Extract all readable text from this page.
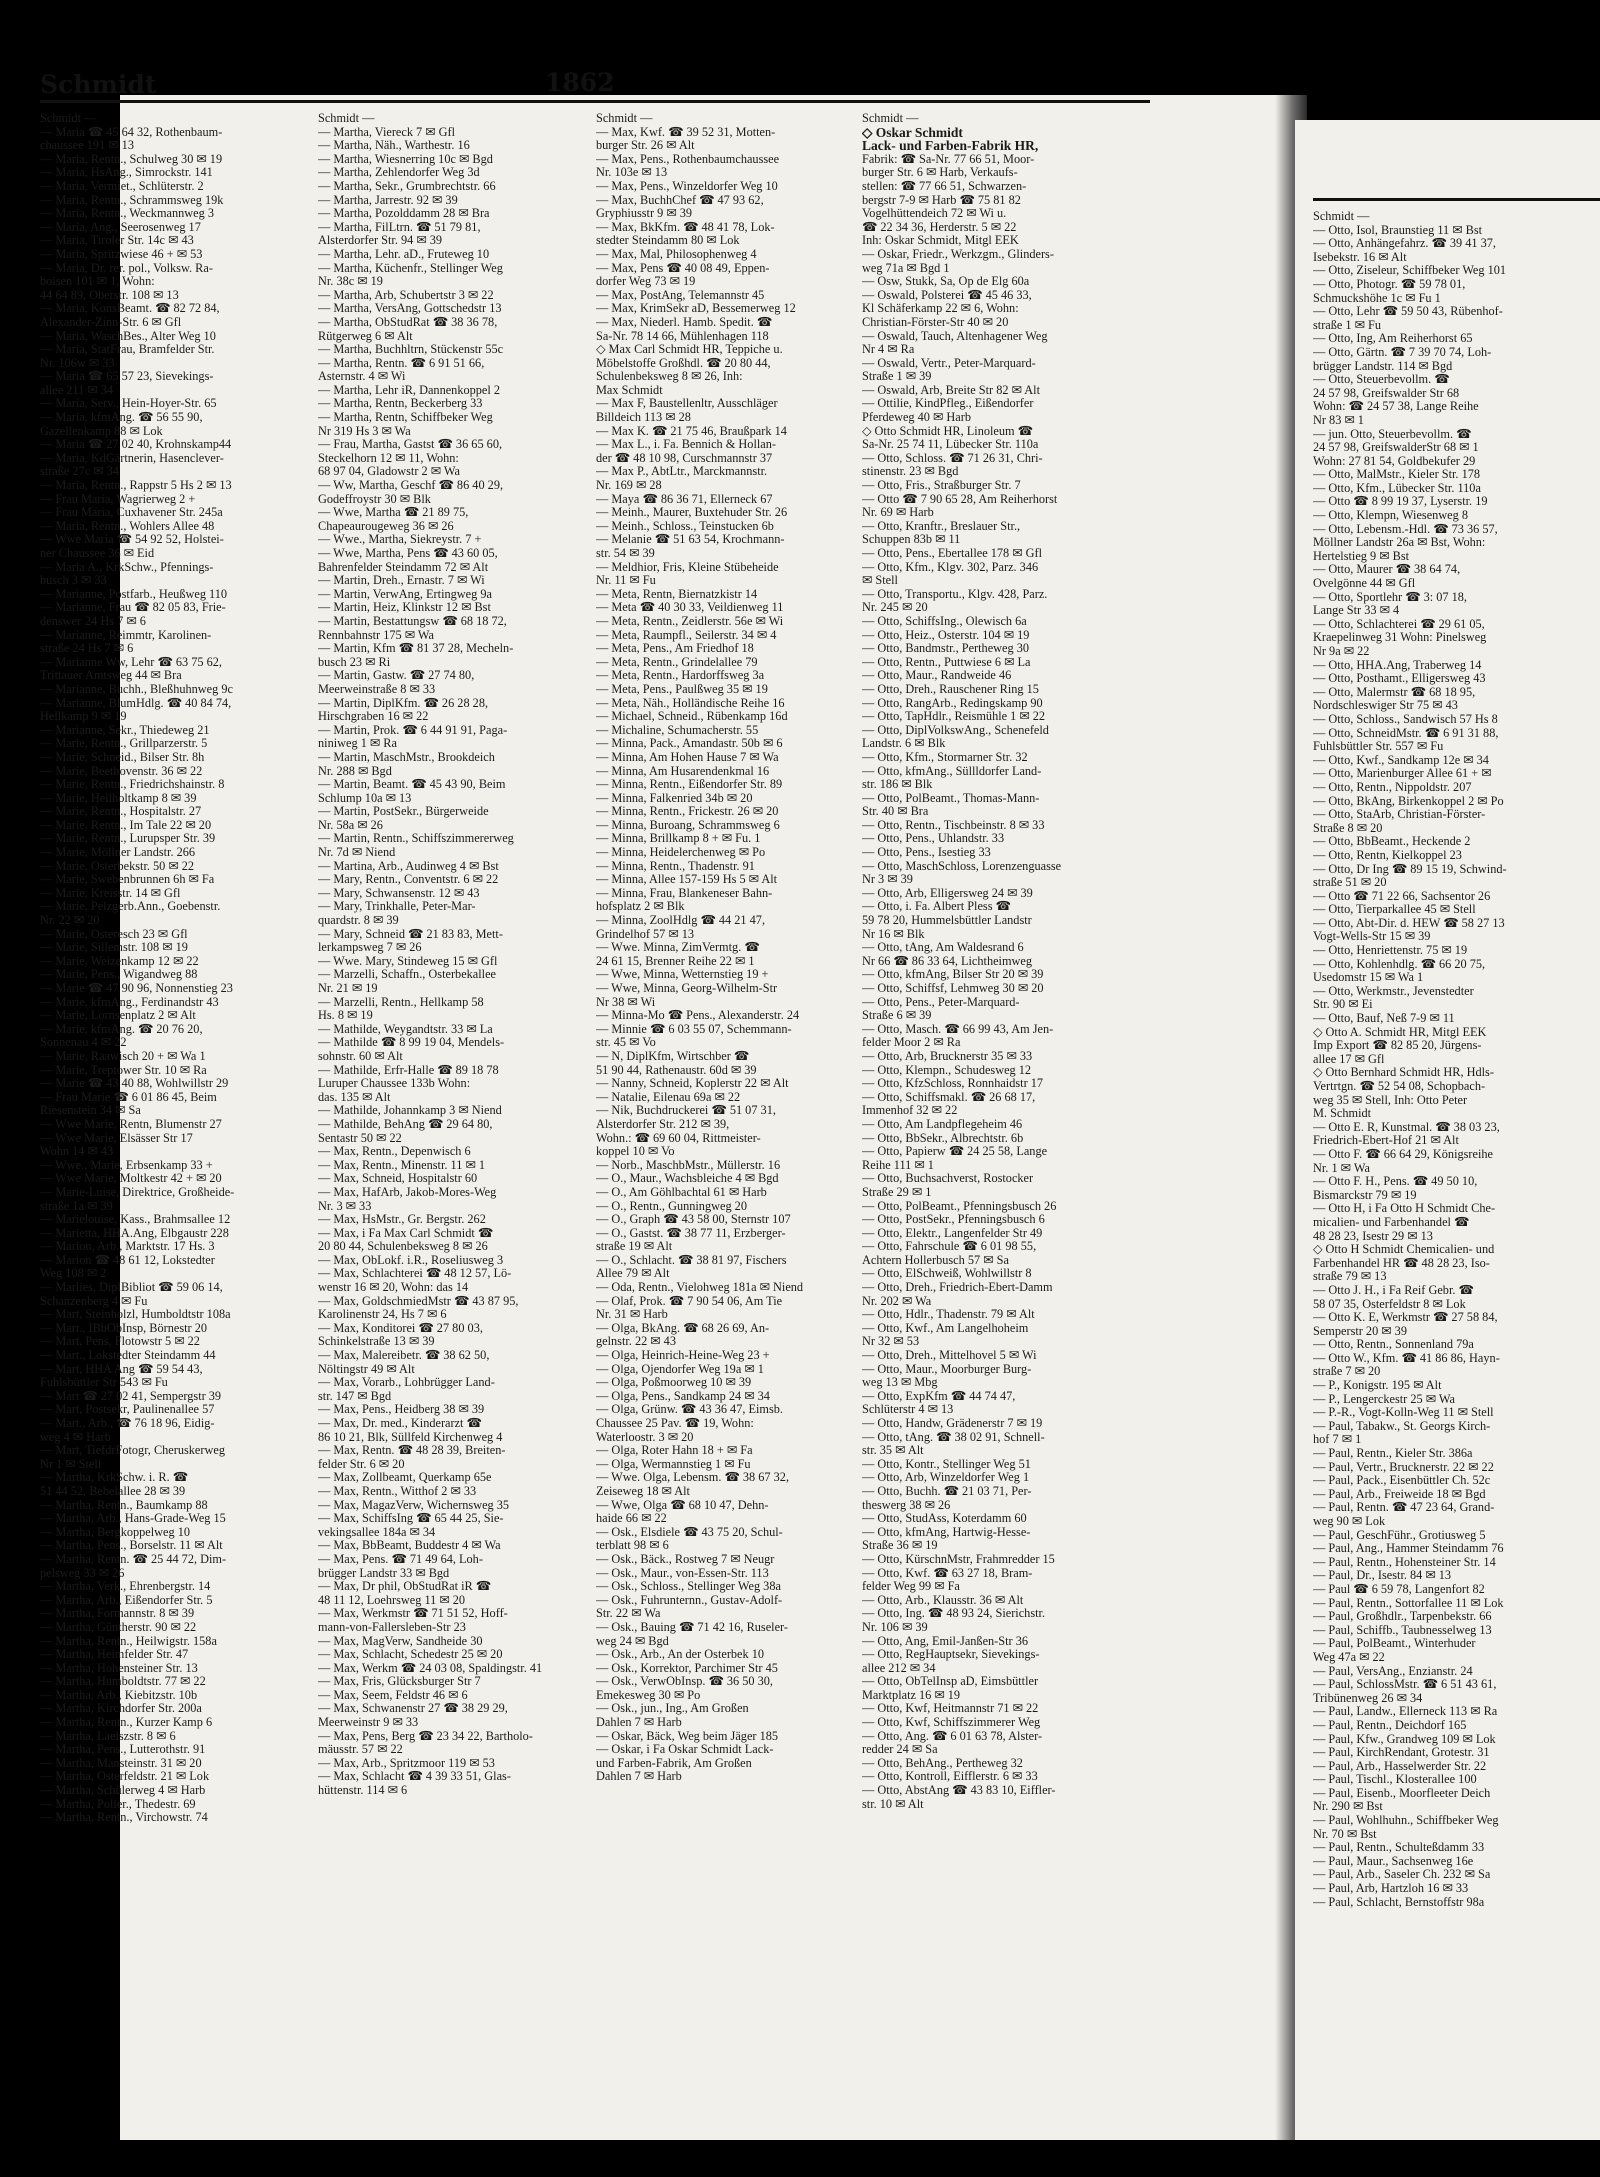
Schmidt —
— Otto, Isol, Braunstieg 11 ✉ Bst
— Otto, Anhängefahrz. ☎ 39 41 37,
Isebekstr. 16 ✉ Alt
— Otto, Ziseleur, Schiffbeker Weg 101
— Otto, Photogr. ☎ 59 78 01,
Schmuckshöhe 1c ✉ Fu 1
— Otto, Lehr ☎ 59 50 43, Rübenhof-
straße 1 ✉ Fu
— Otto, Ing, Am Reiherhorst 65
— Otto, Gärtn. ☎ 7 39 70 74, Loh-
brügger Landstr. 114 ✉ Bgd
— Otto, Steuerbevollm. ☎
24 57 98, Greifswalder Str 68
Wohn: ☎ 24 57 38, Lange Reihe
Nr 83 ✉ 1
— jun. Otto, Steuerbevollm. ☎
24 57 98, GreifswalderStr 68 ✉ 1
Wohn: 27 81 54, Goldbekufer 29
— Otto, MalMstr., Kieler Str. 178
— Otto, Kfm., Lübecker Str. 110a
— Otto ☎ 8 99 19 37, Lyserstr. 19
— Otto, Klempn, Wiesenweg 8
— Otto, Lebensm.-Hdl. ☎ 73 36 57,
Möllner Landstr 26a ✉ Bst, Wohn:
Hertelstieg 9 ✉ Bst
— Otto, Maurer ☎ 38 64 74,
Ovelgönne 44 ✉ Gfl
— Otto, Sportlehr ☎ 3: 07 18,
Lange Str 33 ✉ 4
— Otto, Schlachterei ☎ 29 61 05,
Kraepelinweg 31 Wohn: Pinelsweg
Nr 9a ✉ 22
— Otto, HHA.Ang, Traberweg 14
— Otto, Posthamt., Elligersweg 43
— Otto, Malermstr ☎ 68 18 95,
Nordschleswiger Str 75 ✉ 43
— Otto, Schloss., Sandwisch 57 Hs 8
— Otto, SchneidMstr. ☎ 6 91 31 88,
Fuhlsbüttler Str. 557 ✉ Fu
— Otto, Kwf., Sandkamp 12e ✉ 34
— Otto, Marienburger Allee 61 + ✉
— Otto, Rentn., Nippoldstr. 207
— Otto, BkAng, Birkenkoppel 2 ✉ Po
— Otto, StaArb, Christian-Förster-
Straße 8 ✉ 20
— Otto, BbBeamt., Heckende 2
— Otto, Rentn, Kielkoppel 23
— Otto, Dr Ing ☎ 89 15 19, Schwind-
straße 51 ✉ 20
— Otto ☎ 71 22 66, Sachsentor 26
— Otto, Tierparkallee 45 ✉ Stell
— Otto, Abt-Dir. d. HEW ☎ 58 27 13
Vogt-Wells-Str 15 ✉ 39
— Otto, Henriettenstr. 75 ✉ 19
— Otto, Kohlenhdlg. ☎ 66 20 75,
Usedomstr 15 ✉ Wa 1
— Otto, Werkmstr., Jevenstedter
Str. 90 ✉ Ei
— Otto, Bauf, Neß 7-9 ✉ 11
◇ Otto A. Schmidt HR, Mitgl EEK
Imp Export ☎ 82 85 20, Jürgens-
allee 17 ✉ Gfl
◇ Otto Bernhard Schmidt HR, Hdls-
Vertrtgn. ☎ 52 54 08, Schopbach-
weg 35 ✉ Stell, Inh: Otto Peter
M. Schmidt
— Otto E. R, Kunstmal. ☎ 38 03 23,
Friedrich-Ebert-Hof 21 ✉ Alt
— Otto F. ☎ 66 64 29, Königsreihe
Nr. 1 ✉ Wa
— Otto F. H., Pens. ☎ 49 50 10,
Bismarckstr 79 ✉ 19
— Otto H, i Fa Otto H Schmidt Che-
micalien- und Farbenhandel ☎
48 28 23, Isestr 29 ✉ 13
◇ Otto H Schmidt Chemicalien- und
Farbenhandel HR ☎ 48 28 23, Iso-
straße 79 ✉ 13
— Otto J. H., i Fa Reif Gebr. ☎
58 07 35, Osterfeldstr 8 ✉ Lok
— Otto K. E, Werkmstr ☎ 27 58 84,
Semperstr 20 ✉ 39
— Otto, Rentn., Sonnenland 79a
— Otto W., Kfm. ☎ 41 86 86, Hayn-
straße 7 ✉ 20
— P., Konigstr. 195 ✉ Alt
— P., Lengerckestr 25 ✉ Wa
— P.-R., Vogt-Kolln-Weg 11 ✉ Stell
— Paul, Tabakw., St. Georgs Kirch-
hof 7 ✉ 1
— Paul, Rentn., Kieler Str. 386a
— Paul, Vertr., Brucknerstr. 22 ✉ 22
— Paul, Pack., Eisenbüttler Ch. 52c
— Paul, Arb., Freiweide 18 ✉ Bgd
— Paul, Rentn. ☎ 47 23 64, Grand-
weg 90 ✉ Lok
— Paul, GeschFühr., Grotiusweg 5
— Paul, Ang., Hammer Steindamm 76
— Paul, Rentn., Hohensteiner Str. 14
— Paul, Dr., Isestr. 84 ✉ 13
— Paul ☎ 6 59 78, Langenfort 82
— Paul, Rentn., Sottorfallee 11 ✉ Lok
— Paul, Großhdlr., Tarpenbekstr. 66
— Paul, Schiffb., Taubnesselweg 13
— Paul, PolBeamt., Winterhuder
Weg 47a ✉ 22
— Paul, VersAng., Enzianstr. 24
— Paul, SchlossMstr. ☎ 6 51 43 61,
Tribünenweg 26 ✉ 34
— Paul, Landw., Ellerneck 113 ✉ Ra
— Paul, Rentn., Deichdorf 165
— Paul, Kfw., Grandweg 109 ✉ Lok
— Paul, KirchRendant, Grotestr. 31
— Paul, Arb., Hasselwerder Str. 22
— Paul, Tischl., Klosterallee 100
— Paul, Eisenb., Moorfleeter Deich
Nr. 290 ✉ Bst
— Paul, Wohlhuhn., Schiffbeker Weg
Nr. 70 ✉ Bst
— Paul, Rentn., Schulteßdamm 33
— Paul, Maur., Sachsenweg 16e
— Paul, Arb., Saseler Ch. 232 ✉ Sa
— Paul, Arb, Hartzloh 16 ✉ 33
— Paul, Schlacht, Bernstoffstr 98a
Schmidt	1862
Schmidt —
— Maria ☎ 45 64 32, Rothenbaum-
chaussee 191 ✉ 13
— Maria, Rentn., Schulweg 30 ✉ 19
— Maria, HsAng., Simrockstr. 141
— Maria, Vermiet., Schlüterstr. 2
— Maria, Rentn., Schrammsweg 19k
— Maria, Rentn., Weckmannweg 3
— Maria, Ang., Seerosenweg 17
— Maria, Tiroler Str. 14c ✉ 43
— Maria, Spritzwiese 46 + ✉ 53
— Maria, Dr. rer. pol., Volksw. Ra-
boisen 101 ✉ 1, Wohn:
44 64 89, Oberstr. 108 ✉ 13
— Maria, KonsBeamt. ☎ 82 72 84,
Alexander-Zinn-Str. 6 ✉ Gfl
— Maria, WaschBes., Alter Weg 10
— Maria, StatFrau, Bramfelder Str.
Nr. 106w ✉ 33
— Maria ☎ 65 57 23, Sievekings-
allee 211 ✉ 34
— Maria, Serv., Hein-Hoyer-Str. 65
— Maria, kfmAng. ☎ 56 55 90,
Gazellenkamp 88 ✉ Lok
— Maria ☎ 27 02 40, Krohnskamp44
— Maria, KdGärtnerin, Hasenclever-
straße 27c ✉ 34
— Maria, Rentn., Rappstr 5 Hs 2 ✉ 13
— Frau Maria, Wagrierweg 2 +
— Frau Maria, Cuxhavener Str. 245a
— Maria, Rentn., Wohlers Allee 48
— Wwe Maria ☎ 54 92 52, Holstei-
ner Chaussee 36 ✉ Eid
— Maria A., KrkSchw., Pfennings-
busch 3 ✉ 33
— Marianne, Postfarb., Heußweg 110
— Marianne, Frau ☎ 82 05 83, Frie-
denswег 24 Hs 7 ✉ 6
— Marianne, Reimmtr, Karolinen-
straße 24 Hs 7 ✉ 6
— Marianne Ww, Lehr ☎ 63 75 62,
Trittauer Amtsweg 44 ✉ Bra
— Marianne, Buchh., Bleßhuhnweg 9c
— Marianne, BlumHdlg. ☎ 40 84 74,
Hellkamp 9 ✉ 19
— Marianne, Sekr., Thiedeweg 21
— Marie, Rentn., Grillparzerstr. 5
— Marie, Schneid., Bilser Str. 8h
— Marie, Beethovenstr. 36 ✉ 22
— Marie, Rentn., Friedrichshainstr. 8
— Marie, Heilholtkamp 8 ✉ 39
— Marie, Rentn., Hospitalstr. 27
— Marie, Rentn., Im Tale 22 ✉ 20
— Marie, Rentn., Lurupsper Str. 39
— Marie, Möllner Landstr. 266
— Marie, Osterbekstr. 50 ✉ 22
— Marie, Swebenbrunnen 6h ✉ Fa
— Marie, Kreisstr. 14 ✉ Gfl
— Marie, Pelzgerb.Ann., Goebenstr.
Nr. 22 ✉ 20
— Marie, Osteresch 23 ✉ Gfl
— Marie, Sillemstr. 108 ✉ 19
— Marie, Weizenkamp 12 ✉ 22
— Marie, Pens., Wigandweg 88
— Marie ☎ 47 90 96, Nonnenstieg 23
— Marie, kfmAng., Ferdinandstr 43
— Marie, Lornsenplatz 2 ✉ Alt
— Marie, kfmAng. ☎ 20 76 20,
Sonnenau 4 ✉ 22
— Marie, Raawisch 20 + ✉ Wa 1
— Marie, Treptower Str. 10 ✉ Ra
— Marie ☎ 43 40 88, Wohlwillstr 29
— Frau Marie ☎ 6 01 86 45, Beim
Riesenstein 34 ✉ Sa
— Wwe Marie, Rentn, Blumenstr 27
— Wwe Marie, Elsässer Str 17
Wohn 14 ✉ 43
— Wwe., Marie, Erbsenkamp 33 +
— Wwe Marie, Moltkestr 42 + ✉ 20
— Marie-Luise, Direktrice, Großheide-
straße 1a ✉ 39
— Marielouise, Kass., Brahmsallee 12
— Marietta, HHA.Ang, Elbgaustr 228
— Marion, Arb., Marktstr. 17 Hs. 3
— Marion ☎ 48 61 12, Lokstedter
Weg 108 ✉ 2
— Marlies, DiplBibliot ☎ 59 06 14,
Schanzenberg 4 ✉ Fu
— Mart, Steinholzl, Humboldtstr 108a
— Mart., IBbObInsp, Börnestr 20
— Mart, Pens, Flotowstr 5 ✉ 22
— Mart., Lokstedter Steindamm 44
— Mart, HHA Ang ☎ 59 54 43,
Fuhlsbüttler Str 543 ✉ Fu
— Mart ☎ 27 02 41, Sempergstr 39
— Mart, Postsekr, Paulinenallee 57
— Mart., Arb., ☎ 76 18 96, Eidig-
weg 4 ✉ Harb
— Mart, TiefdrFotogr, Cheruskerweg
Nr 1 ✉ Stell
— Martha, KrkSchw. i. R. ☎
51 44 52, Bebelallee 28 ✉ 39
— Martha, Rentn., Baumkamp 88
— Martha, Arb., Hans-Grade-Weg 15
— Martha, Bergkoppelweg 10
— Martha, Pens., Borselstr. 11 ✉ Alt
— Martha, Rentn. ☎ 25 44 72, Dim-
pelsweg 33 ✉ 26
— Martha, Verk., Ehrenbergstr. 14
— Martha, Arb., Eißendorfer Str. 5
— Martha, Formannstr. 8 ✉ 39
— Martha, Güntherstr. 90 ✉ 22
— Martha, Rentn., Heilwigstr. 158a
— Martha, Heimfelder Str. 47
— Martha, Hohensteiner Str. 13
— Martha, Humboldtstr. 77 ✉ 22
— Martha, Arb., Kiebitzstr. 10b
— Martha, Kirchdorfer Str. 200a
— Martha, Rentn., Kurzer Kamp 6
— Martha, Laeiszstr. 8 ✉ 6
— Martha, Pens., Lutterothstr. 91
— Martha, Mansteinstr. 31 ✉ 20
— Martha, Osterfeldstr. 21 ✉ Lok
— Martha, Schülerweg 4 ✉ Harb
— Martha, Polier., Thedestr. 69
— Martha, Rentn., Virchowstr. 74
Schmidt —
— Martha, Viereck 7 ✉ Gfl
— Martha, Näh., Warthestr. 16
— Martha, Wiesnerring 10c ✉ Bgd
— Martha, Zehlendorfer Weg 3d
— Martha, Sekr., Grumbrechtstr. 66
— Martha, Jarrestr. 92 ✉ 39
— Martha, Pozolddamm 28 ✉ Bra
— Martha, FilLtrn. ☎ 51 79 81,
Alsterdorfer Str. 94 ✉ 39
— Martha, Lehr. aD., Fruteweg 10
— Martha, Küchenfr., Stellinger Weg
Nr. 38c ✉ 19
— Martha, Arb, Schubertstr 3 ✉ 22
— Martha, VersAng, Gottschedstr 13
— Martha, ObStudRat ☎ 38 36 78,
Rütgerweg 6 ✉ Alt
— Martha, Buchhltrn, Stückenstr 55c
— Martha, Rentn. ☎ 6 91 51 66,
Asternstr. 4 ✉ Wi
— Martha, Lehr iR, Dannenkoppel 2
— Martha, Rentn, Beckerberg 33
— Martha, Rentn, Schiffbeker Weg
Nr 319 Hs 3 ✉ Wa
— Frau, Martha, Gastst ☎ 36 65 60,
Steckelhorn 12 ✉ 11, Wohn:
68 97 04, Gladowstr 2 ✉ Wa
— Ww, Martha, Geschf ☎ 86 40 29,
Godeffroystr 30 ✉ Blk
— Wwe, Martha ☎ 21 89 75,
Chapeaurougeweg 36 ✉ 26
— Wwe., Martha, Siekreystr. 7 +
— Wwe, Martha, Pens ☎ 43 60 05,
Bahrenfelder Steindamm 72 ✉ Alt
— Martin, Dreh., Ernastr. 7 ✉ Wi
— Martin, VerwAng, Ertingweg 9a
— Martin, Heiz, Klinkstr 12 ✉ Bst
— Martin, Bestattungsw ☎ 68 18 72,
Rennbahnstr 175 ✉ Wa
— Martin, Kfm ☎ 81 37 28, Mecheln-
busch 23 ✉ Ri
— Martin, Gastw. ☎ 27 74 80,
Meerweinstraße 8 ✉ 33
— Martin, DiplKfm. ☎ 26 28 28,
Hirschgraben 16 ✉ 22
— Martin, Prok. ☎ 6 44 91 91, Paga-
niniweg 1 ✉ Ra
— Martin, MaschMstr., Brookdeich
Nr. 288 ✉ Bgd
— Martin, Beamt. ☎ 45 43 90, Beim
Schlump 10a ✉ 13
— Martin, PostSekr., Bürgerweide
Nr. 58a ✉ 26
— Martin, Rentn., Schiffszimmererweg
Nr. 7d ✉ Niend
— Martina, Arb., Audinweg 4 ✉ Bst
— Mary, Rentn., Conventstr. 6 ✉ 22
— Mary, Schwansenstr. 12 ✉ 43
— Mary, Trinkhalle, Peter-Mar-
quardstr. 8 ✉ 39
— Mary, Schneid ☎ 21 83 83, Mett-
lerkampsweg 7 ✉ 26
— Wwe. Mary, Stindeweg 15 ✉ Gfl
— Marzelli, Schaffn., Osterbekallee
Nr. 21 ✉ 19
— Marzelli, Rentn., Hellkamp 58
Hs. 8 ✉ 19
— Mathilde, Weygandtstr. 33 ✉ La
— Mathilde ☎ 8 99 19 04, Mendels-
sohnstr. 60 ✉ Alt
— Mathilde, Erfr-Halle ☎ 89 18 78
Luruper Chaussee 133b Wohn:
das. 135 ✉ Alt
— Mathilde, Johannkamp 3 ✉ Niend
— Mathilde, BehAng ☎ 29 64 80,
Sentastr 50 ✉ 22
— Max, Rentn., Depenwisch 6
— Max, Rentn., Minenstr. 11 ✉ 1
— Max, Schneid, Hospitalstr 60
— Max, HafArb, Jakob-Mores-Weg
Nr. 3 ✉ 33
— Max, HsMstr., Gr. Bergstr. 262
— Max, i Fa Max Carl Schmidt ☎
20 80 44, Schulenbeksweg 8 ✉ 26
— Max, ObLokf. i.R., Roseliusweg 3
— Max, Schlachterei ☎ 48 12 57, Lö-
wenstr 16 ✉ 20, Wohn: das 14
— Max, GoldschmiedMstr ☎ 43 87 95,
Karolinenstr 24, Hs 7 ✉ 6
— Max, Konditorei ☎ 27 80 03,
Schinkelstraße 13 ✉ 39
— Max, Malereibetr. ☎ 38 62 50,
Nöltingstr 49 ✉ Alt
— Max, Vorarb., Lohbrügger Land-
str. 147 ✉ Bgd
— Max, Pens., Heidberg 38 ✉ 39
— Max, Dr. med., Kinderarzt ☎
86 10 21, Blk, Süllfeld Kirchenweg 4
— Max, Rentn. ☎ 48 28 39, Breiten-
felder Str. 6 ✉ 20
— Max, Zollbeamt, Querkamp 65e
— Max, Rentn., Witthof 2 ✉ 33
— Max, MagazVerw, Wichernsweg 35
— Max, SchiffsIng ☎ 65 44 25, Sie-
vekingsallee 184a ✉ 34
— Max, BbBeamt, Buddestr 4 ✉ Wa
— Max, Pens. ☎ 71 49 64, Loh-
brügger Landstr 33 ✉ Bgd
— Max, Dr phil, ObStudRat iR ☎
48 11 12, Loehrsweg 11 ✉ 20
— Max, Werkmstr ☎ 71 51 52, Hoff-
mann-von-Fallersleben-Str 23
— Max, MagVerw, Sandheide 30
— Max, Schlacht, Schedestr 25 ✉ 20
— Max, Werkm ☎ 24 03 08, Spaldingstr. 41
— Max, Fris, Glücksburger Str 7
— Max, Seem, Feldstr 46 ✉ 6
— Max, Schwanenstr 27 ☎ 38 29 29,
Meerweinstr 9 ✉ 33
— Max, Pens, Berg ☎ 23 34 22, Bartholo-
mäusstr. 57 ✉ 22
— Max, Arb., Spritzmoor 119 ✉ 53
— Max, Schlacht ☎ 4 39 33 51, Glas-
hüttenstr. 114 ✉ 6
Schmidt —
— Max, Kwf. ☎ 39 52 31, Motten-
burger Str. 26 ✉ Alt
— Max, Pens., Rothenbaumchaussee
Nr. 103e ✉ 13
— Max, Pens., Winzeldorfer Weg 10
— Max, BuchhChef ☎ 47 93 62,
Gryphiusstr 9 ✉ 39
— Max, BkKfm. ☎ 48 41 78, Lok-
stedter Steindamm 80 ✉ Lok
— Max, Mal, Philosophenweg 4
— Max, Pens ☎ 40 08 49, Eppen-
dorfer Weg 73 ✉ 19
— Max, PostAng, Telemannstr 45
— Max, KrimSekr aD, Bessemerweg 12
— Max, Niederl. Hamb. Spedit. ☎
Sa-Nr. 78 14 66, Mühlenhagen 118
◇ Max Carl Schmidt HR, Teppiche u.
Möbelstoffe Großhdl. ☎ 20 80 44,
Schulenbeksweg 8 ✉ 26, Inh:
Max Schmidt
— Max F, Baustellenltr, Ausschläger
Billdeich 113 ✉ 28
— Max K. ☎ 21 75 46, Braußpark 14
— Max L., i. Fa. Bennich & Hollan-
der ☎ 48 10 98, Curschmannstr 37
— Max P., AbtLtr., Marckmannstr.
Nr. 169 ✉ 28
— Maya ☎ 86 36 71, Ellerneck 67
— Meinh., Maurer, Buxtehuder Str. 26
— Meinh., Schloss., Teinstucken 6b
— Melanie ☎ 51 63 54, Krochmann-
str. 54 ✉ 39
— Meldhior, Fris, Kleine Stübeheide
Nr. 11 ✉ Fu
— Meta, Rentn, Biernatzkistr 14
— Meta ☎ 40 30 33, Veildienweg 11
— Meta, Rentn., Zeidlerstr. 56e ✉ Wi
— Meta, Raumpfl., Seilerstr. 34 ✉ 4
— Meta, Pens., Am Friedhof 18
— Meta, Rentn., Grindelallee 79
— Meta, Rentn., Hardorffsweg 3a
— Meta, Pens., Paulßweg 35 ✉ 19
— Meta, Näh., Holländische Reihe 16
— Michael, Schneid., Rübenkamp 16d
— Michaline, Schumacherstr. 55
— Minna, Pack., Amandastr. 50b ✉ 6
— Minna, Am Hohen Hause 7 ✉ Wa
— Minna, Am Husarendenkmal 16
— Minna, Rentn., Eißendorfer Str. 89
— Minna, Falkenried 34b ✉ 20
— Minna, Rentn., Frickestr. 26 ✉ 20
— Minna, Buroang, Schrammsweg 6
— Minna, Brillkamp 8 + ✉ Fu. 1
— Minna, Heidelerchenweg ✉ Po
— Minna, Rentn., Thadenstr. 91
— Minna, Allee 157-159 Hs 5 ✉ Alt
— Minna, Frau, Blankeneser Bahn-
hofsplatz 2 ✉ Blk
— Minna, ZoolHdlg ☎ 44 21 47,
Grindelhof 57 ✉ 13
— Wwe. Minna, ZimVermtg. ☎
24 61 15, Brenner Reihe 22 ✉ 1
— Wwe, Minna, Wetternstieg 19 +
— Wwe, Minna, Georg-Wilhelm-Str
Nr 38 ✉ Wi
— Minna-Mo ☎ Pens., Alexanderstr. 24
— Minnie ☎ 6 03 55 07, Schemmann-
str. 45 ✉ Vo
— N, DiplKfm, Wirtschber ☎
51 90 44, Rathenaustr. 60d ✉ 39
— Nanny, Schneid, Koplerstr 22 ✉ Alt
— Natalie, Eilenau 69a ✉ 22
— Nik, Buchdruckerei ☎ 51 07 31,
Alsterdorfer Str. 212 ✉ 39,
Wohn.: ☎ 69 60 04, Rittmeister-
koppel 10 ✉ Vo
— Norb., MaschbMstr., Müllerstr. 16
— O., Maur., Wachsbleiche 4 ✉ Bgd
— O., Am Göhlbachtal 61 ✉ Harb
— O., Rentn., Gunningweg 20
— O., Graph ☎ 43 58 00, Sternstr 107
— O., Gastst. ☎ 38 77 11, Erzberger-
straße 19 ✉ Alt
— O., Schlacht. ☎ 38 81 97, Fischers
Allee 79 ✉ Alt
— Oda, Rentn., Vielohweg 181a ✉ Niend
— Olaf, Prok. ☎ 7 90 54 06, Am Tie
Nr. 31 ✉ Harb
— Olga, BkAng. ☎ 68 26 69, An-
gelnstr. 22 ✉ 43
— Olga, Heinrich-Heine-Weg 23 +
— Olga, Ojendorfer Weg 19a ✉ 1
— Olga, Poßmoorweg 10 ✉ 39
— Olga, Pens., Sandkamp 24 ✉ 34
— Olga, Grünw. ☎ 43 36 47, Eimsb.
Chaussee 25 Pav. ☎ 19, Wohn:
Waterloostr. 3 ✉ 20
— Olga, Roter Hahn 18 + ✉ Fa
— Olga, Wermannstieg 1 ✉ Fu
— Wwe. Olga, Lebensm. ☎ 38 67 32,
Zeiseweg 18 ✉ Alt
— Wwe, Olga ☎ 68 10 47, Dehn-
haide 66 ✉ 22
— Osk., Elsdiele ☎ 43 75 20, Schul-
terblatt 98 ✉ 6
— Osk., Bäck., Rostweg 7 ✉ Neugr
— Osk., Maur., von-Essen-Str. 113
— Osk., Schloss., Stellinger Weg 38a
— Osk., Fuhrunternn., Gustav-Adolf-
Str. 22 ✉ Wa
— Osk., Bauing ☎ 71 42 16, Ruseler-
weg 24 ✉ Bgd
— Osk., Arb., An der Osterbek 10
— Osk., Korrektor, Parchimer Str 45
— Osk., VerwObInsp. ☎ 36 50 30,
Emekesweg 30 ✉ Po
— Osk., jun., Ing., Am Großen
Dahlen 7 ✉ Harb
— Oskar, Bäck, Weg beim Jäger 185
— Oskar, i Fa Oskar Schmidt Lack-
und Farben-Fabrik, Am Großen
Dahlen 7 ✉ Harb
Schmidt —
◇ Oskar Schmidt
Lack- und Farben-Fabrik HR,
Fabrik: ☎ Sa-Nr. 77 66 51, Moor-
burger Str. 6 ✉ Harb, Verkaufs-
stellen: ☎ 77 66 51, Schwarzen-
bergstr 7-9 ✉ Harb ☎ 75 81 82
Vogelhüttendeich 72 ✉ Wi u.
☎ 22 34 36, Herderstr. 5 ✉ 22
Inh: Oskar Schmidt, Mitgl EEK
— Oskar, Friedr., Werkzgm., Glinders-
weg 71a ✉ Bgd 1
— Osw, Stukk, Sa, Op de Elg 60a
— Oswald, Polsterei ☎ 45 46 33,
Kl Schäferkamp 22 ✉ 6, Wohn:
Christian-Förster-Str 40 ✉ 20
— Oswald, Tauch, Altenhagener Weg
Nr 4 ✉ Ra
— Oswald, Vertr., Peter-Marquard-
Straße 1 ✉ 39
— Oswald, Arb, Breite Str 82 ✉ Alt
— Ottilie, KindPfleg., Eißendorfer
Pferdeweg 40 ✉ Harb
◇ Otto Schmidt HR, Linoleum ☎
Sa-Nr. 25 74 11, Lübecker Str. 110a
— Otto, Schloss. ☎ 71 26 31, Chri-
stinenstr. 23 ✉ Bgd
— Otto, Fris., Straßburger Str. 7
— Otto ☎ 7 90 65 28, Am Reiherhorst
Nr. 69 ✉ Harb
— Otto, Kranftr., Breslauer Str.,
Schuppen 83b ✉ 11
— Otto, Pens., Ebertallee 178 ✉ Gfl
— Otto, Kfm., Klgv. 302, Parz. 346
✉ Stell
— Otto, Transportu., Klgv. 428, Parz.
Nr. 245 ✉ 20
— Otto, SchiffsIng., Olewisch 6a
— Otto, Heiz., Osterstr. 104 ✉ 19
— Otto, Bandmstr., Pertheweg 30
— Otto, Rentn., Puttwiese 6 ✉ La
— Otto, Maur., Randweide 46
— Otto, Dreh., Rauschener Ring 15
— Otto, RangArb., Redingskamp 90
— Otto, TapHdlr., Reismühle 1 ✉ 22
— Otto, DiplVolkswAng., Schenefeld
Landstr. 6 ✉ Blk
— Otto, Kfm., Stormarner Str. 32
— Otto, kfmAng., Süllldorfer Land-
str. 186 ✉ Blk
— Otto, PolBeamt., Thomas-Mann-
Str. 40 ✉ Bra
— Otto, Rentn., Tischbeinstr. 8 ✉ 33
— Otto, Pens., Uhlandstr. 33
— Otto, Pens., Isestieg 33
— Otto, MaschSchloss, Lorenzenguasse
Nr 3 ✉ 39
— Otto, Arb, Elligersweg 24 ✉ 39
— Otto, i. Fa. Albert Pless ☎
59 78 20, Hummelsbüttler Landstr
Nr 16 ✉ Blk
— Otto, tAng, Am Waldesrand 6
Nr 66 ☎ 86 33 64, Lichtheimweg
— Otto, kfmAng, Bilser Str 20 ✉ 39
— Otto, Schiffsf, Lehmweg 30 ✉ 20
— Otto, Pens., Peter-Marquard-
Straße 6 ✉ 39
— Otto, Masch. ☎ 66 99 43, Am Jen-
felder Moor 2 ✉ Ra
— Otto, Arb, Brucknerstr 35 ✉ 33
— Otto, Klempn., Schudesweg 12
— Otto, KfzSchloss, Ronnhaidstr 17
— Otto, Schiffsmakl. ☎ 26 68 17,
Immenhof 32 ✉ 22
— Otto, Am Landpflegeheim 46
— Otto, BbSekr., Albrechtstr. 6b
— Otto, Papierw ☎ 24 25 58, Lange
Reihe 111 ✉ 1
— Otto, Buchsachverst, Rostocker
Straße 29 ✉ 1
— Otto, PolBeamt., Pfenningsbusch 26
— Otto, PostSekr., Pfenningsbusch 6
— Otto, Elektr., Langenfelder Str 49
— Otto, Fahrschule ☎ 6 01 98 55,
Achtern Hollerbusch 57 ✉ Sa
— Otto, ElSchweiß, Wohlwillstr 8
— Otto, Dreh., Friedrich-Ebert-Damm
Nr. 202 ✉ Wa
— Otto, Hdlr., Thadenstr. 79 ✉ Alt
— Otto, Kwf., Am Langelhoheim
Nr 32 ✉ 53
— Otto, Dreh., Mittelhovel 5 ✉ Wi
— Otto, Maur., Moorburger Burg-
weg 13 ✉ Mbg
— Otto, ExpKfm ☎ 44 74 47,
Schlüterstr 4 ✉ 13
— Otto, Handw, Grädenerstr 7 ✉ 19
— Otto, tAng. ☎ 38 02 91, Schnell-
str. 35 ✉ Alt
— Otto, Kontr., Stellinger Weg 51
— Otto, Arb, Winzeldorfer Weg 1
— Otto, Buchh. ☎ 21 03 71, Per-
theswerg 38 ✉ 26
— Otto, StudAss, Koterdamm 60
— Otto, kfmAng, Hartwig-Hesse-
Straße 36 ✉ 19
— Otto, KürschnMstr, Frahmredder 15
— Otto, Kwf. ☎ 63 27 18, Bram-
felder Weg 99 ✉ Fa
— Otto, Arb., Klausstr. 36 ✉ Alt
— Otto, Ing. ☎ 48 93 24, Sierichstr.
Nr. 106 ✉ 39
— Otto, Ang, Emil-Janßen-Str 36
— Otto, RegHauptsekr, Sievekings-
allee 212 ✉ 34
— Otto, ObTelInsp aD, Eimsbüttler
Marktplatz 16 ✉ 19
— Otto, Kwf, Heitmannstr 71 ✉ 22
— Otto, Kwf, Schiffszimmerer Weg
— Otto, Ang. ☎ 6 01 63 78, Alster-
redder 24 ✉ Sa
— Otto, BehAng., Pertheweg 32
— Otto, Kontroll, Eifflerstr. 6 ✉ 33
— Otto, AbstAng ☎ 43 83 10, Eiffler-
str. 10 ✉ Alt
